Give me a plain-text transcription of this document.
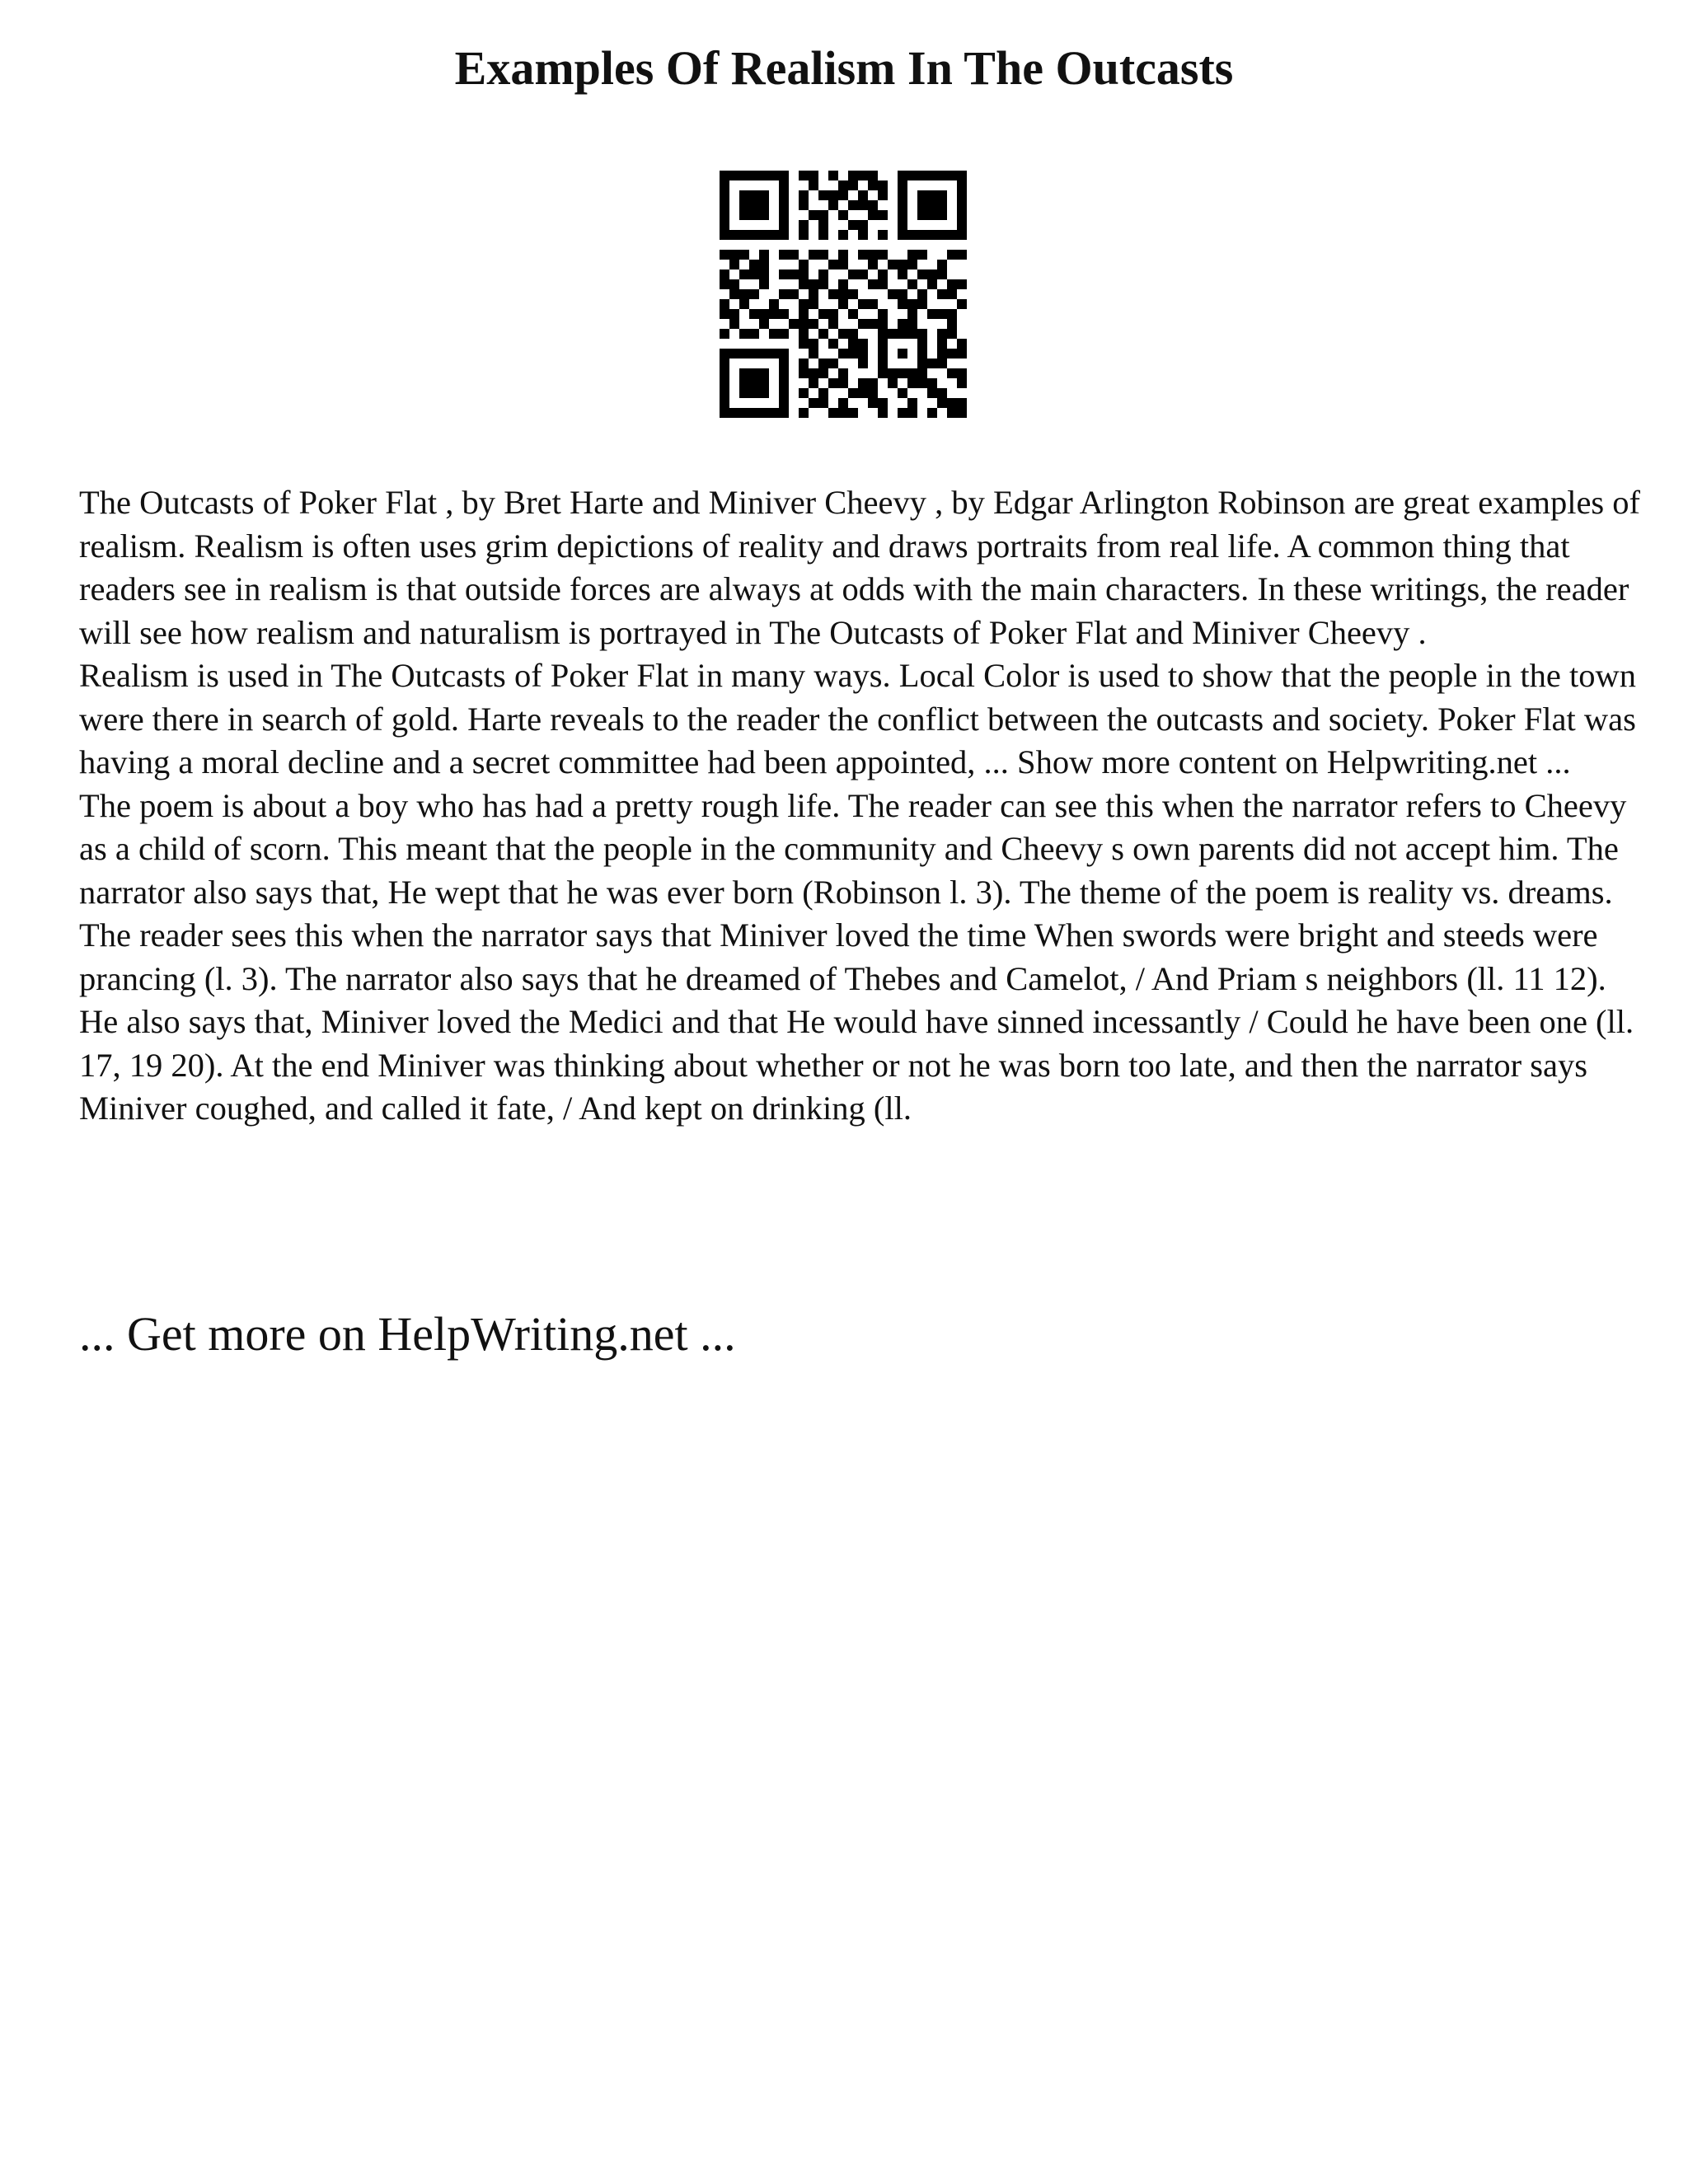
Examples Of Realism In The Outcasts

The Outcasts of Poker Flat , by Bret Harte and Miniver Cheevy , by Edgar Arlington Robinson are great examples of realism. Realism is often uses grim depictions of reality and draws portraits from real life. A common thing that readers see in realism is that outside forces are always at odds with the main characters. In these writings, the reader will see how realism and naturalism is portrayed in The Outcasts of Poker Flat and Miniver Cheevy .

Realism is used in The Outcasts of Poker Flat in many ways. Local Color is used to show that the people in the town were there in search of gold. Harte reveals to the reader the conflict between the outcasts and society. Poker Flat was having a moral decline and a secret committee had been appointed, ... Show more content on Helpwriting.net ...

The poem is about a boy who has had a pretty rough life. The reader can see this when the narrator refers to Cheevy as a child of scorn. This meant that the people in the community and Cheevy s own parents did not accept him. The narrator also says that, He wept that he was ever born (Robinson l. 3). The theme of the poem is reality vs. dreams. The reader sees this when the narrator says that Miniver loved the time When swords were bright and steeds were prancing (l. 3). The narrator also says that he dreamed of Thebes and Camelot, / And Priam s neighbors (ll. 11 12). He also says that, Miniver loved the Medici and that He would have sinned incessantly / Could he have been one (ll. 17, 19 20). At the end Miniver was thinking about whether or not he was born too late, and then the narrator says Miniver coughed, and called it fate, / And kept on drinking (ll.

... Get more on HelpWriting.net ...
